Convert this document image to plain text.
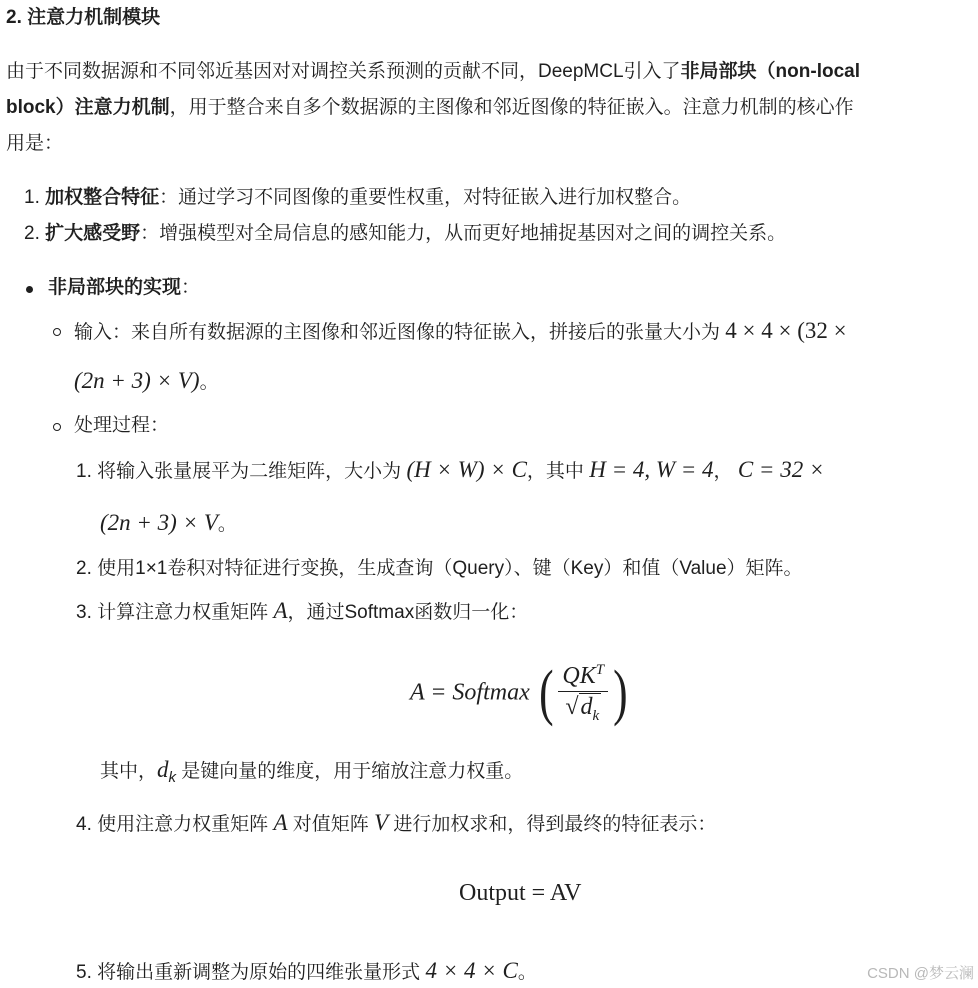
2. 注意力机制模块
由于不同数据源和不同邻近基因对对调控关系预测的贡献不同，DeepMCL引入了非局部块（non-local
block）注意力机制，用于整合来自多个数据源的主图像和邻近图像的特征嵌入。注意力机制的核心作
用是：
1. 加权整合特征：通过学习不同图像的重要性权重，对特征嵌入进行加权整合。
2. 扩大感受野：增强模型对全局信息的感知能力，从而更好地捕捉基因对之间的调控关系。
非局部块的实现：
输入：来自所有数据源的主图像和邻近图像的特征嵌入，拼接后的张量大小为 4 × 4 × (32 ×
(2n + 3) × V)。
处理过程：
1. 将输入张量展平为二维矩阵，大小为 (H × W) × C，其中 H = 4, W = 4， C = 32 ×
(2n + 3) × V。
2. 使用1×1卷积对特征进行变换，生成查询（Query）、键（Key）和值（Value）矩阵。
3. 计算注意力权重矩阵 A，通过Softmax函数归一化：
A = Softmax ( $\frac{QK^T}{√d_k}$ )
其中，$d_k$ 是键向量的维度，用于缩放注意力权重。
4. 使用注意力权重矩阵 A 对值矩阵 V 进行加权求和，得到最终的特征表示：
Output = AV
5. 将输出重新调整为原始的四维张量形式 4 × 4 × C。	CSDN @梦云澜
